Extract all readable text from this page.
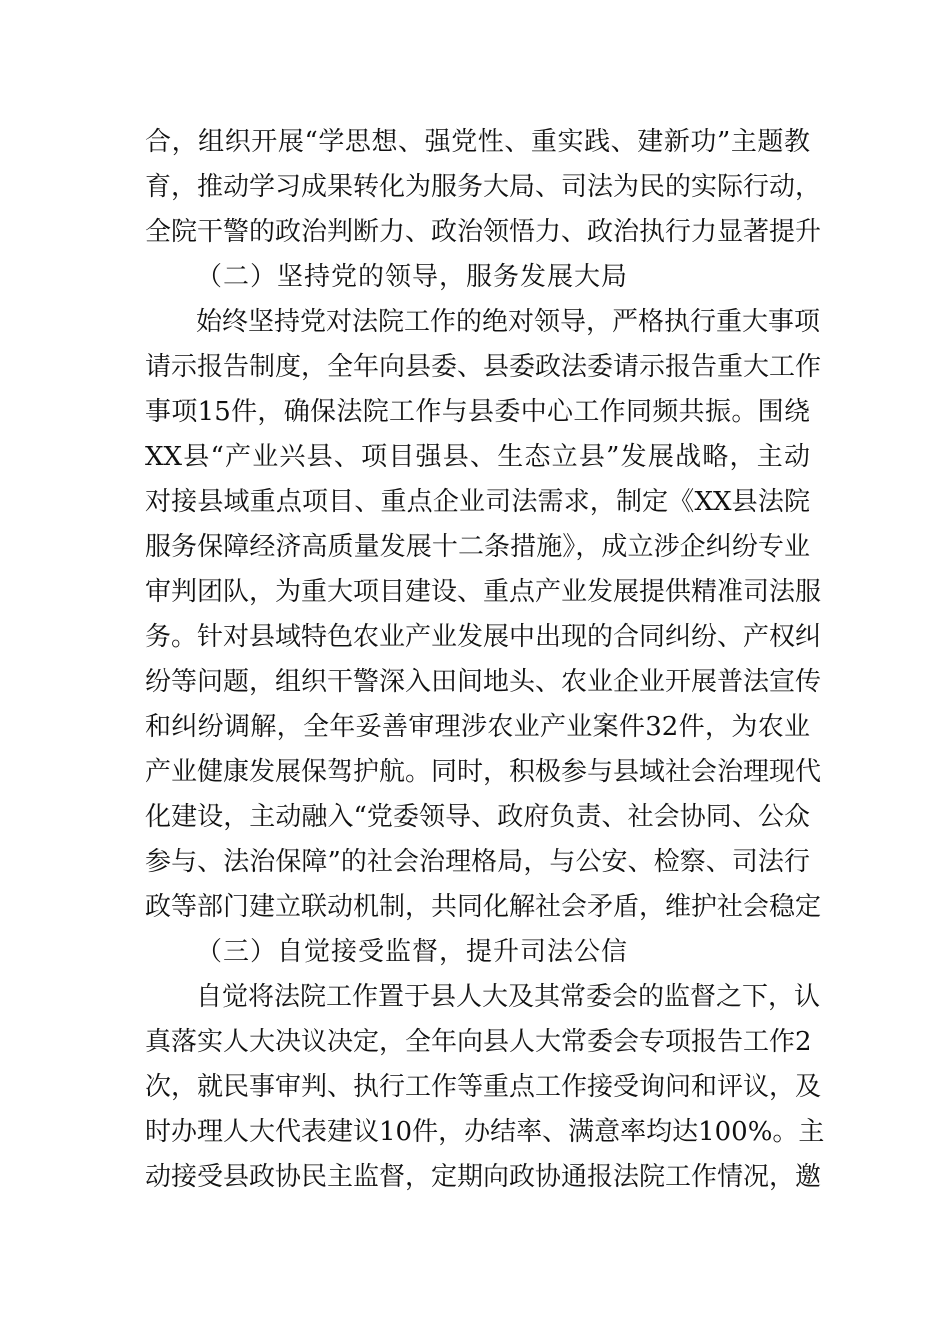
合，组织开展“学思想、强党性、重实践、建新功”主题教
育，推动学习成果转化为服务大局、司法为民的实际行动，
全院干警的政治判断力、政治领悟力、政治执行力显著提升
（二）坚持党的领导，服务发展大局
始终坚持党对法院工作的绝对领导，严格执行重大事项
请示报告制度，全年向县委、县委政法委请示报告重大工作
事项15件，确保法院工作与县委中心工作同频共振。围绕
XX县“产业兴县、项目强县、生态立县”发展战略，主动
对接县域重点项目、重点企业司法需求，制定《XX县法院
服务保障经济高质量发展十二条措施》，成立涉企纠纷专业
审判团队，为重大项目建设、重点产业发展提供精准司法服
务。针对县域特色农业产业发展中出现的合同纠纷、产权纠
纷等问题，组织干警深入田间地头、农业企业开展普法宣传
和纠纷调解，全年妥善审理涉农业产业案件32件，为农业
产业健康发展保驾护航。同时，积极参与县域社会治理现代
化建设，主动融入“党委领导、政府负责、社会协同、公众
参与、法治保障”的社会治理格局，与公安、检察、司法行
政等部门建立联动机制，共同化解社会矛盾，维护社会稳定
（三）自觉接受监督，提升司法公信
自觉将法院工作置于县人大及其常委会的监督之下，认
真落实人大决议决定，全年向县人大常委会专项报告工作2
次，就民事审判、执行工作等重点工作接受询问和评议，及
时办理人大代表建议10件，办结率、满意率均达100%。主
动接受县政协民主监督，定期向政协通报法院工作情况，邀
